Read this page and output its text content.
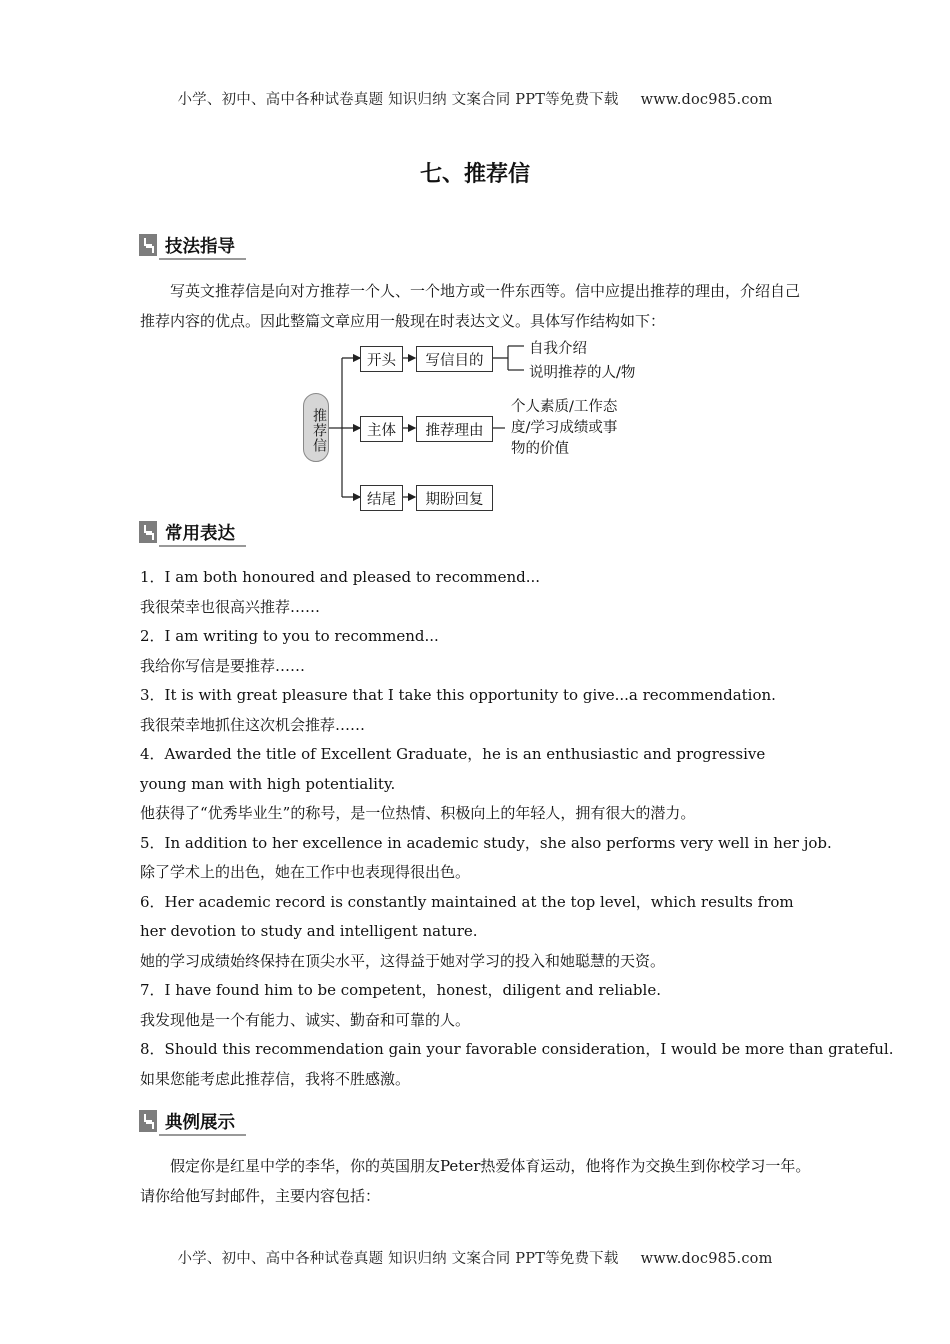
小学、初中、高中各种试卷真题 知识归纳 文案合同 PPT等免费下载 www.doc985.com
七、推荐信
技法指导
写英文推荐信是向对方推荐一个人、一个地方或一件东西等。信中应提出推荐的理由，介绍自己推荐内容的优点。因此整篇文章应用一般现在时表达文义。具体写作结构如下：
推荐信
开头	写信目的
自我介绍
说明推荐的人/物
主体	推荐理由
个人素质/工作态
度/学习成绩或事
物的价值
结尾	期盼回复
常用表达
1．I am both honoured and pleased to recommend...
我很荣幸也很高兴推荐……
2．I am writing to you to recommend...
我给你写信是要推荐……
3．It is with great pleasure that I take this opportunity to give...a recommendation.
我很荣幸地抓住这次机会推荐……
4．Awarded the title of Excellent Graduate，he is an enthusiastic and progressive young man with high potentiality.
他获得了“优秀毕业生”的称号，是一位热情、积极向上的年轻人，拥有很大的潜力。
5．In addition to her excellence in academic study，she also performs very well in her job.
除了学术上的出色，她在工作中也表现得很出色。
6．Her academic record is constantly maintained at the top level，which results from her devotion to study and intelligent nature.
她的学习成绩始终保持在顶尖水平，这得益于她对学习的投入和她聪慧的天资。
7．I have found him to be competent，honest，diligent and reliable.
我发现他是一个有能力、诚实、勤奋和可靠的人。
8．Should this recommendation gain your favorable consideration，I would be more than grateful.
如果您能考虑此推荐信，我将不胜感激。
典例展示
假定你是红星中学的李华，你的英国朋友Peter热爱体育运动，他将作为交换生到你校学习一年。请你给他写封邮件，主要内容包括：
小学、初中、高中各种试卷真题 知识归纳 文案合同 PPT等免费下载 www.doc985.com
